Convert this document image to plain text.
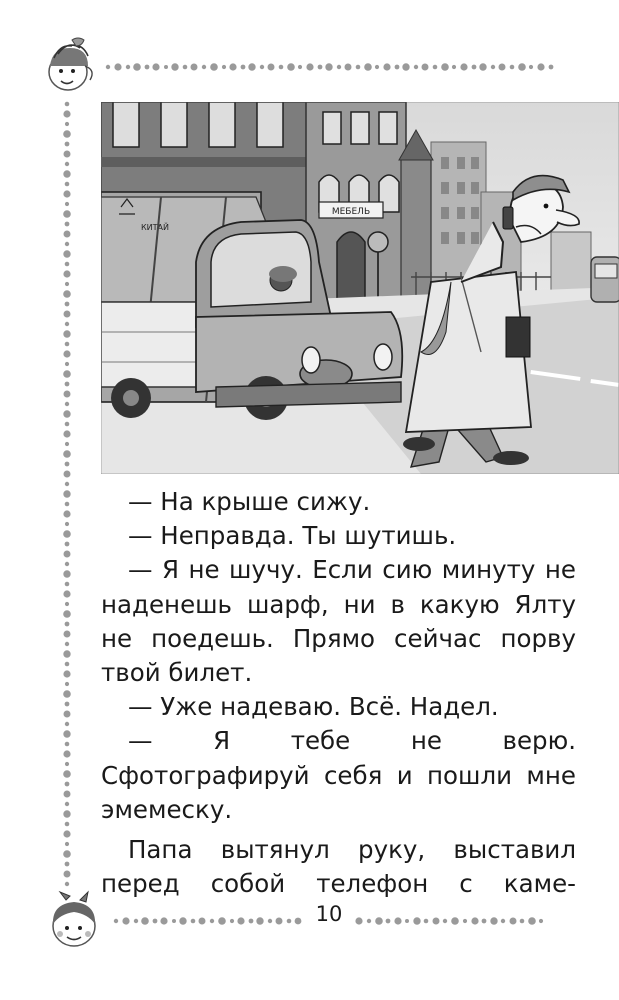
МЕБЕЛЬ
КИТАЙ

— На крыше сижу.

— Неправда. Ты шутишь.

— Я не шучу. Если сию минуту не наденешь шарф, ни в какую Ялту не поедешь. Прямо сейчас порву твой билет.

— Уже надеваю. Всё. Надел.

— Я тебе не верю. Сфотографируй себя и пошли мне эмемеску.

Папа вытянул руку, выставил перед собой телефон с каме-

10
